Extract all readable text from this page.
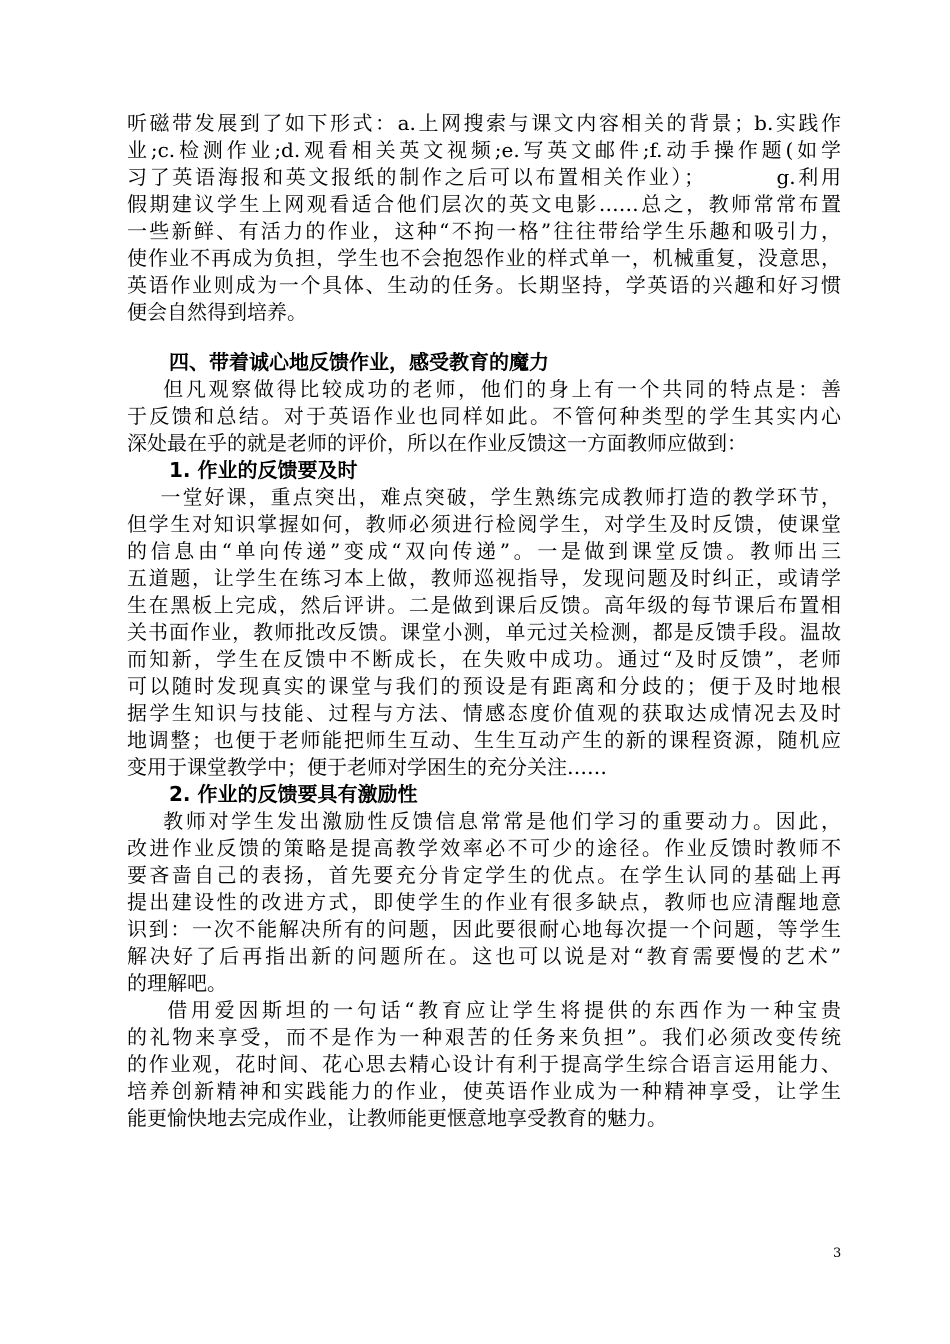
听磁带发展到了如下形式：a.上网搜索与课文内容相关的背景；b.实践作
业;c.检测作业;d.观看相关英文视频;e.写英文邮件;f.动手操作题(如学
习了英语海报和英文报纸的制作之后可以布置相关作业）；        g.利用
假期建议学生上网观看适合他们层次的英文电影……总之，教师常常布置
一些新鲜、有活力的作业，这种“不拘一格”往往带给学生乐趣和吸引力，
使作业不再成为负担，学生也不会抱怨作业的样式单一，机械重复，没意思，
英语作业则成为一个具体、生动的任务。长期坚持，学英语的兴趣和好习惯
便会自然得到培养。
四、带着诚心地反馈作业，感受教育的魔力
但凡观察做得比较成功的老师，他们的身上有一个共同的特点是：善
于反馈和总结。对于英语作业也同样如此。不管何种类型的学生其实内心
深处最在乎的就是老师的评价，所以在作业反馈这一方面教师应做到：
1. 作业的反馈要及时
一堂好课，重点突出，难点突破，学生熟练完成教师打造的教学环节，
但学生对知识掌握如何，教师必须进行检阅学生，对学生及时反馈，使课堂
的信息由“单向传递”变成“双向传递”。一是做到课堂反馈。教师出三
五道题，让学生在练习本上做，教师巡视指导，发现问题及时纠正，或请学
生在黑板上完成，然后评讲。二是做到课后反馈。高年级的每节课后布置相
关书面作业，教师批改反馈。课堂小测，单元过关检测，都是反馈手段。温故
而知新，学生在反馈中不断成长，在失败中成功。通过“及时反馈”，老师
可以随时发现真实的课堂与我们的预设是有距离和分歧的；便于及时地根
据学生知识与技能、过程与方法、情感态度价值观的获取达成情况去及时
地调整；也便于老师能把师生互动、生生互动产生的新的课程资源，随机应
变用于课堂教学中；便于老师对学困生的充分关注……
2. 作业的反馈要具有激励性
教师对学生发出激励性反馈信息常常是他们学习的重要动力。因此，
改进作业反馈的策略是提高教学效率必不可少的途径。作业反馈时教师不
要吝啬自己的表扬，首先要充分肯定学生的优点。在学生认同的基础上再
提出建设性的改进方式，即使学生的作业有很多缺点，教师也应清醒地意
识到：一次不能解决所有的问题，因此要很耐心地每次提一个问题，等学生
解决好了后再指出新的问题所在。这也可以说是对“教育需要慢的艺术”
的理解吧。
借用爱因斯坦的一句话“教育应让学生将提供的东西作为一种宝贵
的礼物来享受，而不是作为一种艰苦的任务来负担”。我们必须改变传统
的作业观，花时间、花心思去精心设计有利于提高学生综合语言运用能力、
培养创新精神和实践能力的作业，使英语作业成为一种精神享受，让学生
能更愉快地去完成作业，让教师能更惬意地享受教育的魅力。
3
